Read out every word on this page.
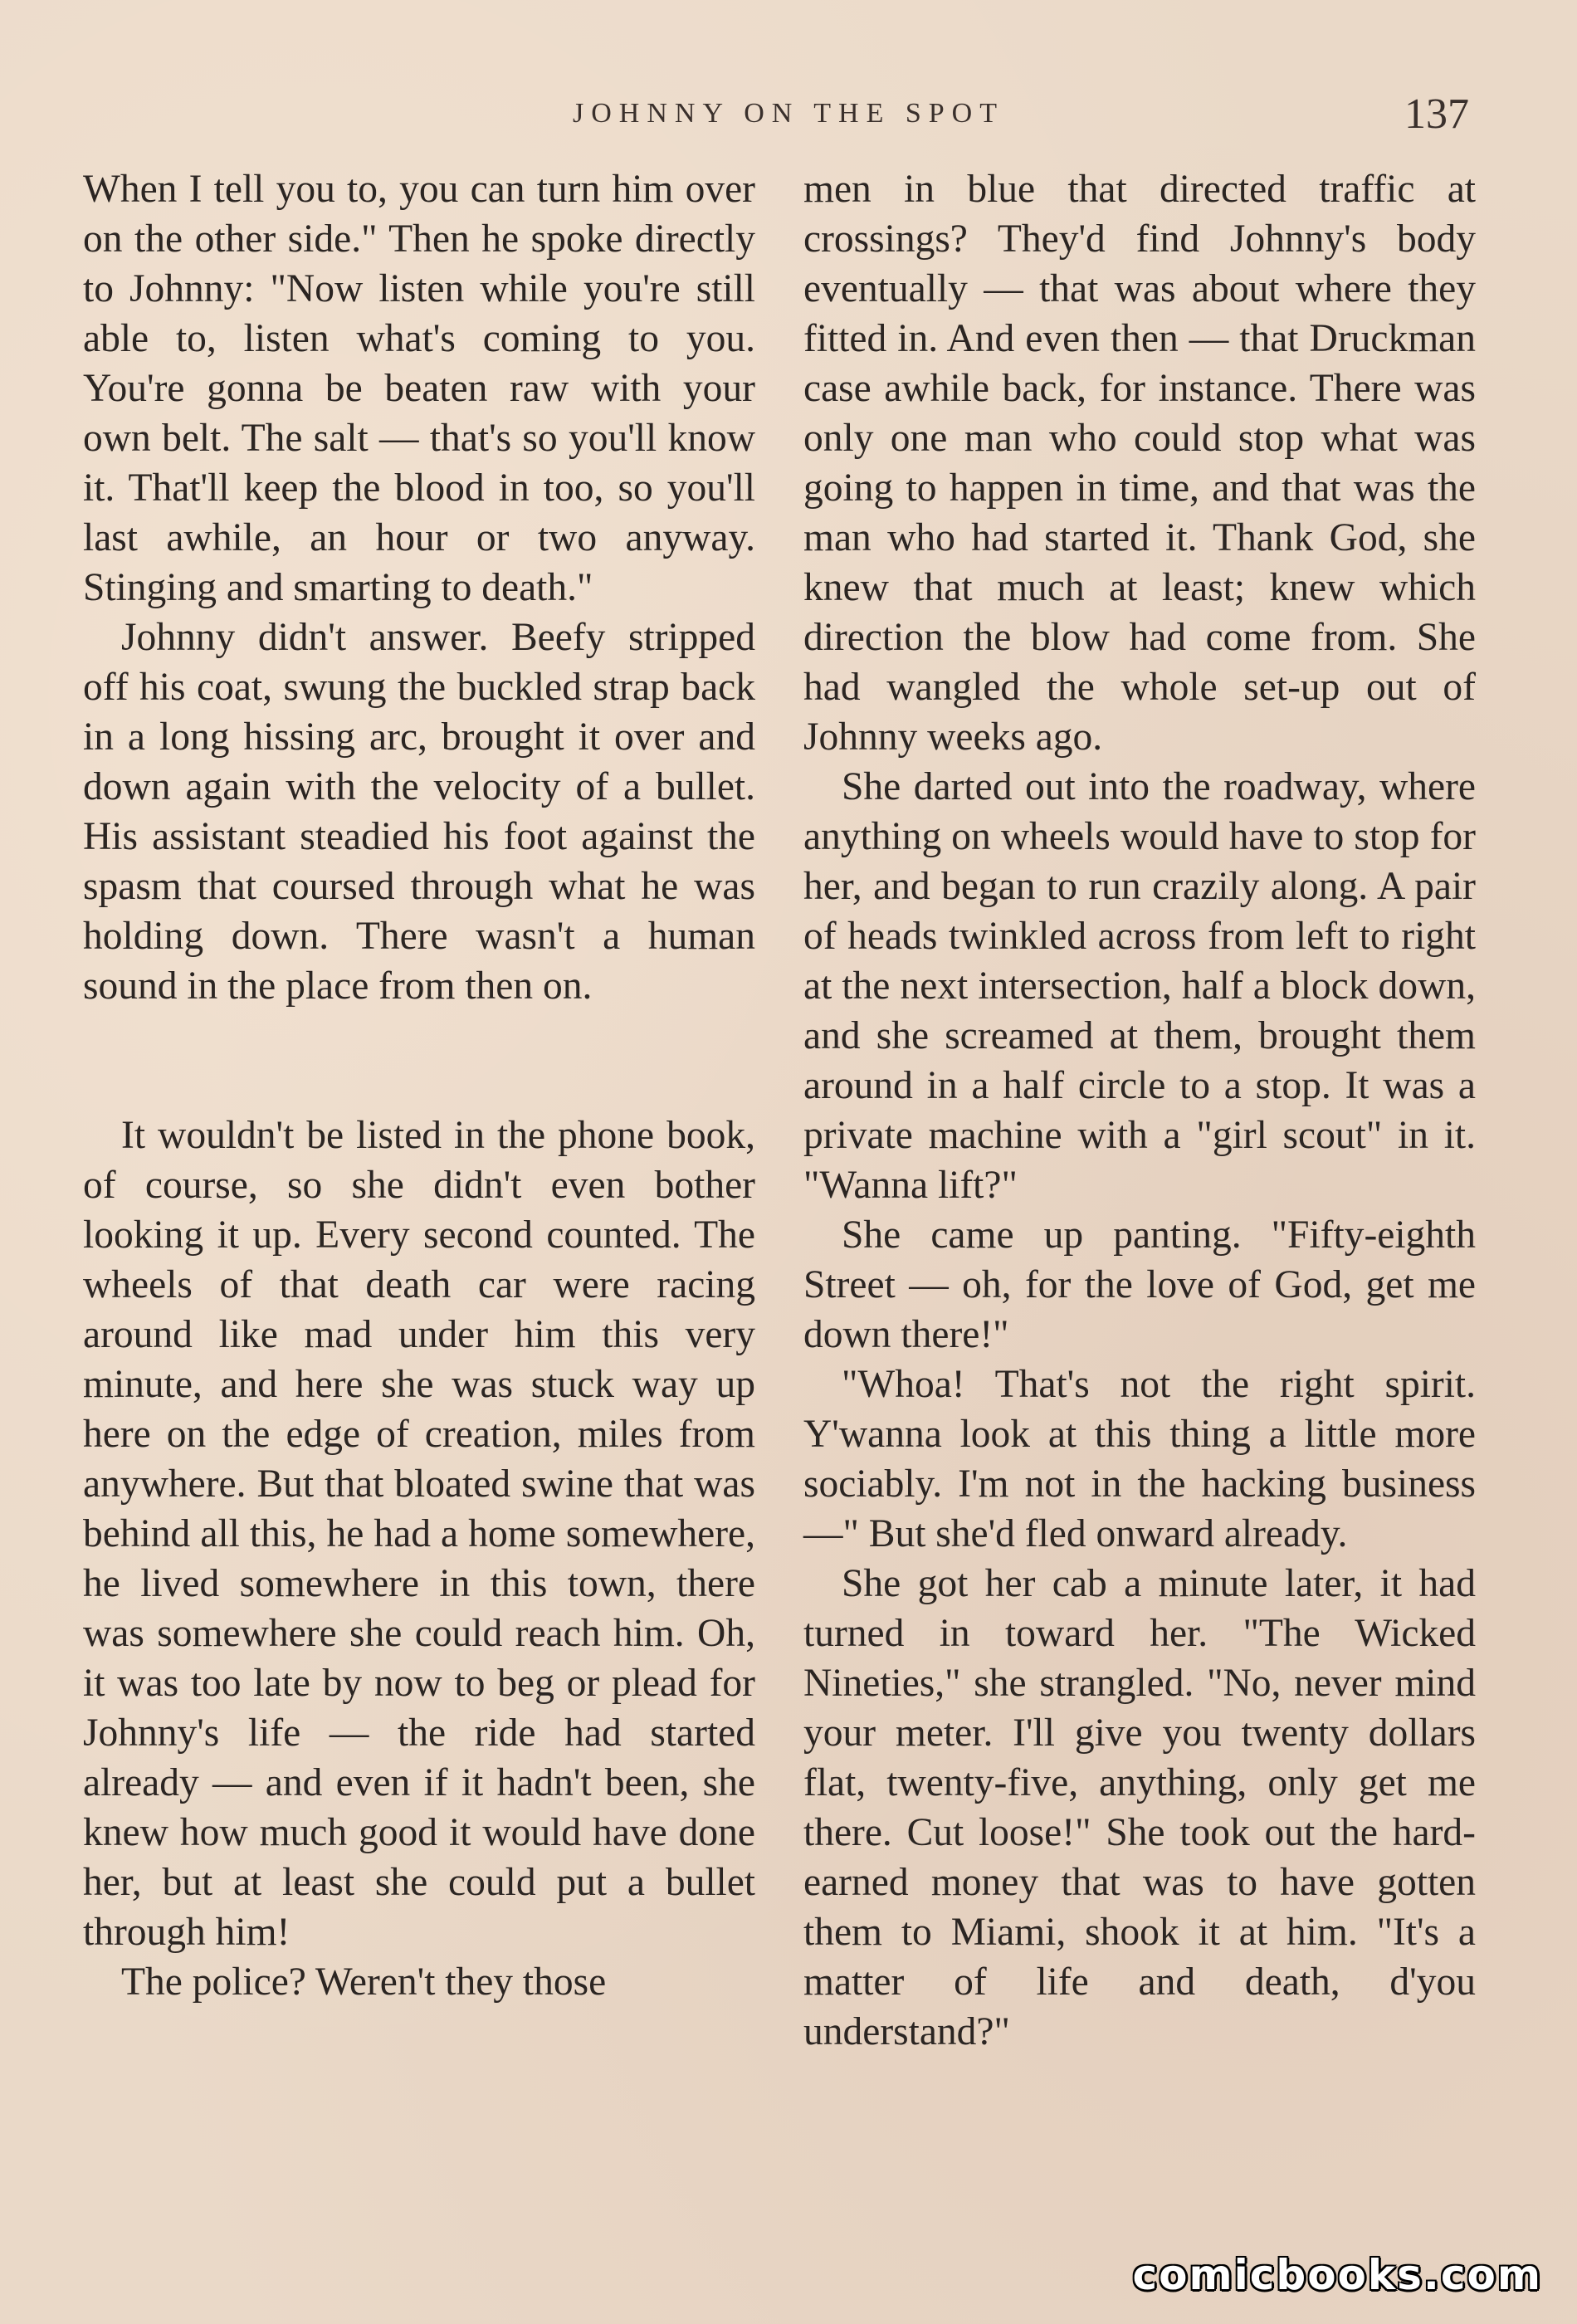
JOHNNY ON THE SPOT	137

When I tell you to, you can turn him over on the other side." Then he spoke directly to Johnny: "Now listen while you're still able to, listen what's coming to you. You're gonna be beaten raw with your own belt. The salt — that's so you'll know it. That'll keep the blood in too, so you'll last awhile, an hour or two anyway. Stinging and smarting to death."

Johnny didn't answer. Beefy stripped off his coat, swung the buckled strap back in a long hissing arc, brought it over and down again with the velocity of a bullet. His assistant steadied his foot against the spasm that coursed through what he was holding down. There wasn't a human sound in the place from then on.

It wouldn't be listed in the phone book, of course, so she didn't even bother looking it up. Every second counted. The wheels of that death car were racing around like mad under him this very minute, and here she was stuck way up here on the edge of creation, miles from anywhere. But that bloated swine that was behind all this, he had a home somewhere, he lived somewhere in this town, there was somewhere she could reach him. Oh, it was too late by now to beg or plead for Johnny's life — the ride had started already — and even if it hadn't been, she knew how much good it would have done her, but at least she could put a bullet through him!

The police? Weren't they those

men in blue that directed traffic at crossings? They'd find Johnny's body eventually — that was about where they fitted in. And even then — that Druckman case awhile back, for instance. There was only one man who could stop what was going to happen in time, and that was the man who had started it. Thank God, she knew that much at least; knew which direction the blow had come from. She had wangled the whole set-up out of Johnny weeks ago.

She darted out into the roadway, where anything on wheels would have to stop for her, and began to run crazily along. A pair of heads twinkled across from left to right at the next intersection, half a block down, and she screamed at them, brought them around in a half circle to a stop. It was a private machine with a "girl scout" in it. "Wanna lift?"

She came up panting. "Fifty-eighth Street — oh, for the love of God, get me down there!"

"Whoa! That's not the right spirit. Y'wanna look at this thing a little more sociably. I'm not in the hacking business —" But she'd fled onward already.

She got her cab a minute later, it had turned in toward her. "The Wicked Nineties," she strangled. "No, never mind your meter. I'll give you twenty dollars flat, twenty-five, anything, only get me there. Cut loose!" She took out the hard-earned money that was to have gotten them to Miami, shook it at him. "It's a matter of life and death, d'you understand?"

comicbooks.com
